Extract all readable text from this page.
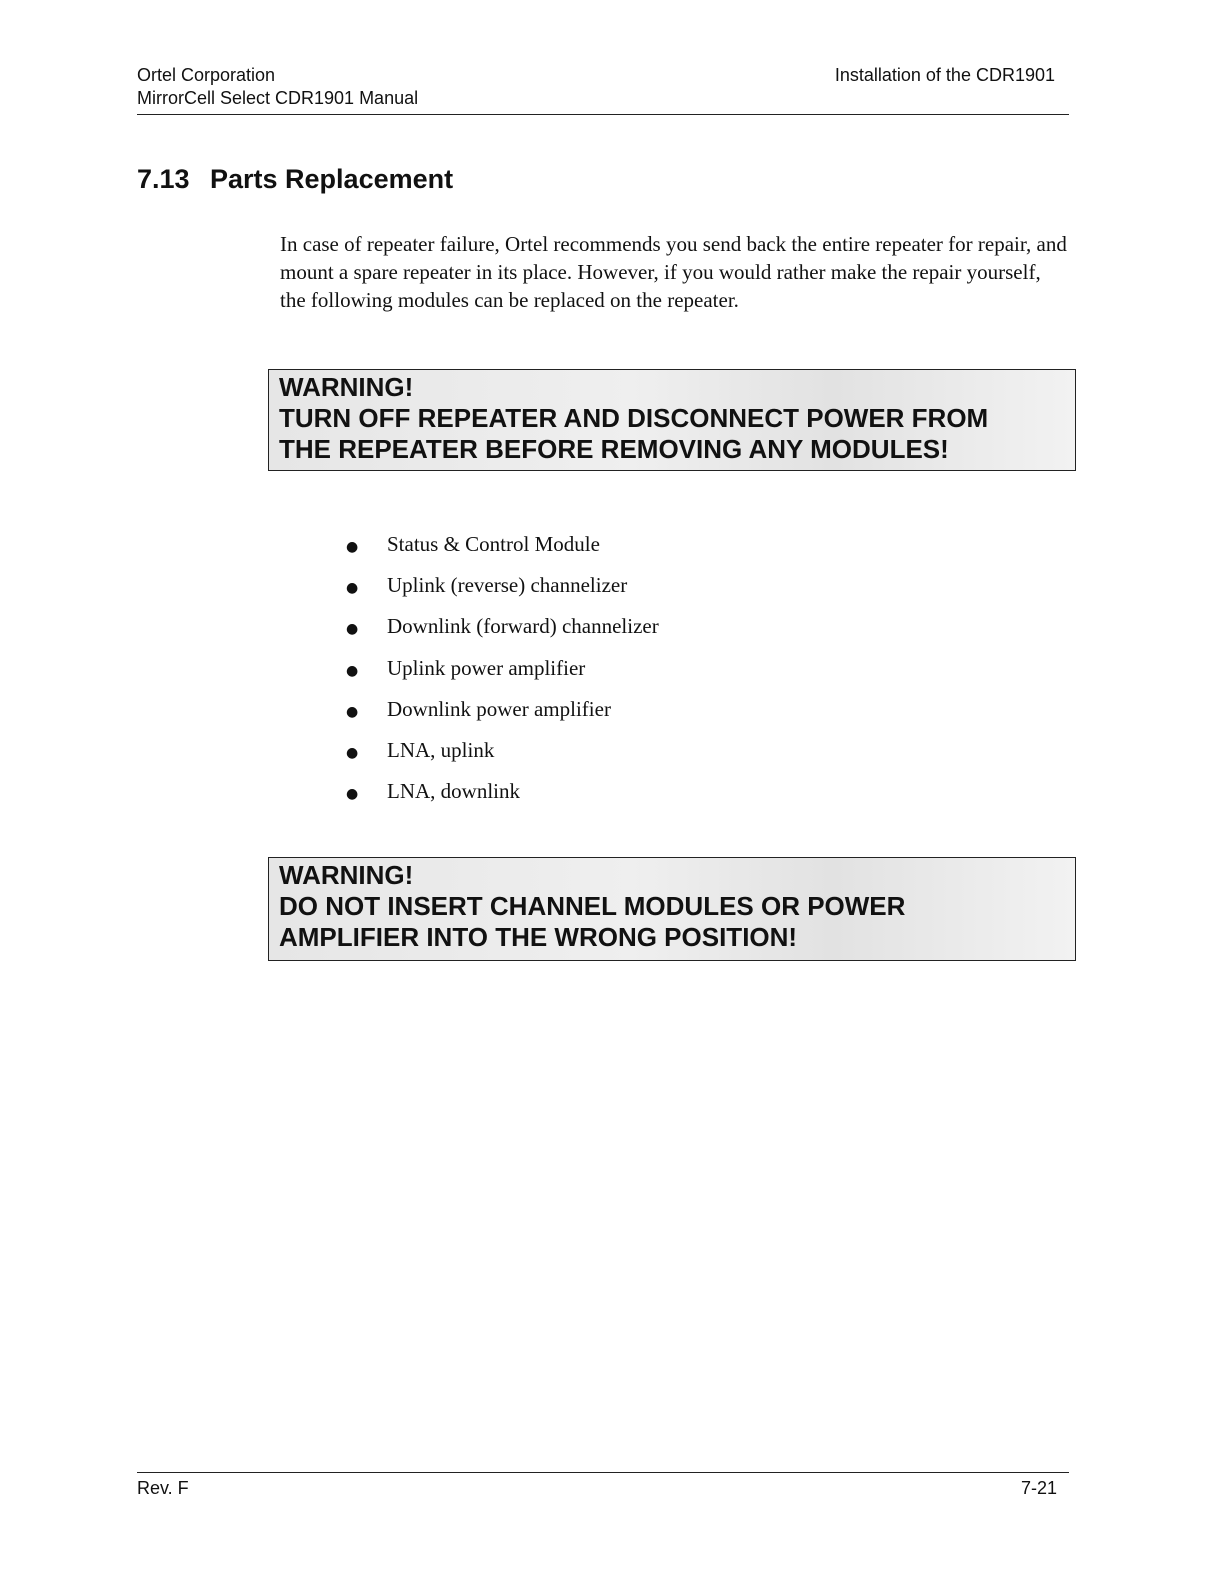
Ortel Corporation
MirrorCell Select CDR1901 Manual
Installation of the CDR1901
7.13 Parts Replacement

In case of repeater failure, Ortel recommends you send back the entire repeater for repair, and mount a spare repeater in its place. However, if you would rather make the repair yourself, the following modules can be replaced on the repeater.

WARNING!
TURN OFF REPEATER AND DISCONNECT POWER FROM
THE REPEATER BEFORE REMOVING ANY MODULES!
● Status & Control Module
● Uplink (reverse) channelizer
● Downlink (forward) channelizer
● Uplink power amplifier
● Downlink power amplifier
● LNA, uplink
● LNA, downlink
WARNING!
DO NOT INSERT CHANNEL MODULES OR POWER
AMPLIFIER INTO THE WRONG POSITION!
Rev. F	7-21
